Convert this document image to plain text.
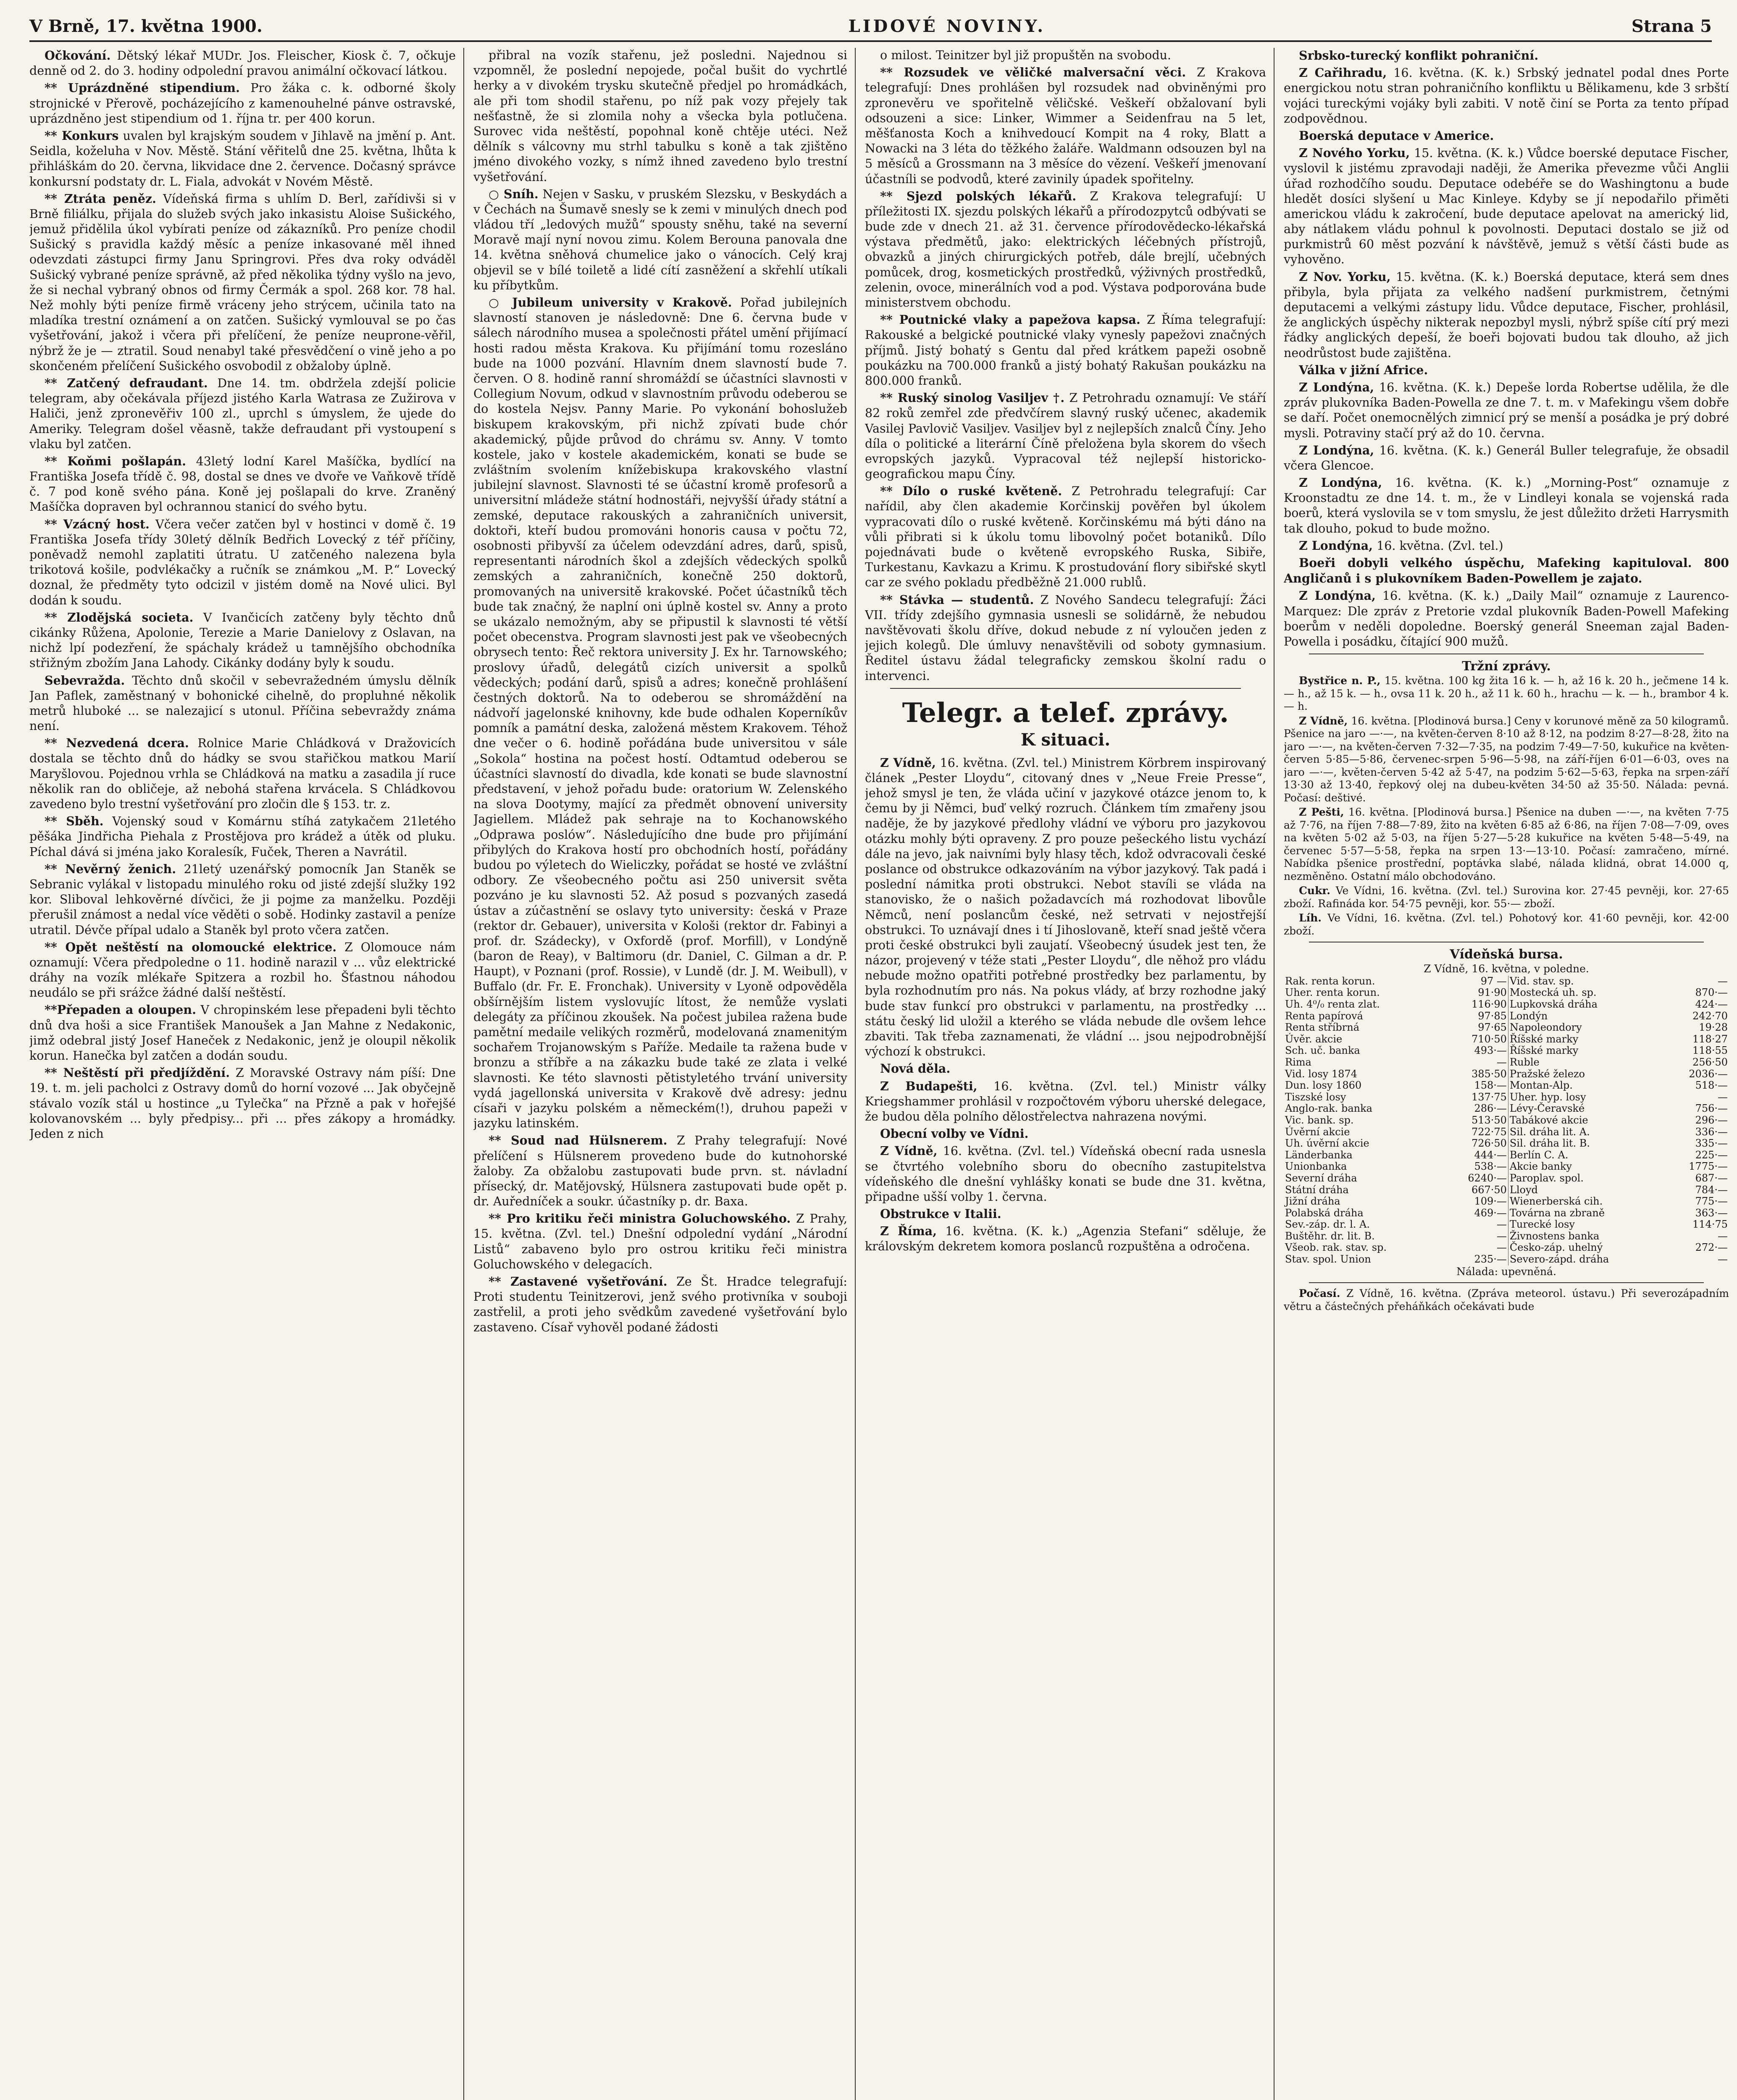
V Brně, 17. května 1900.	LIDOVÉ NOVINY.	Strana 5

Očkování. Dětský lékař MUDr. Jos. Fleischer, Kiosk č. 7, očkuje denně od 2. do 3. hodiny odpolední pravou animální očkovací látkou.

** Uprázdněné stipendium. Pro žáka c. k. odborné školy strojnické v Přerově, pocházejícího z kamenouhelné pánve ostravské, uprázdněno jest stipendium od 1. října tr. per 400 korun.

** Konkurs uvalen byl krajským soudem v Jihlavě na jmění p. Ant. Seidla, koželuha v Nov. Městě. Stání věřitelů dne 25. května, lhůta k přihláškám do 20. června, likvidace dne 2. července. Dočasný správce konkursní podstaty dr. L. Fiala, advokát v Novém Městě.

** Ztráta peněz. Vídeňská firma s uhlím D. Berl, zařídivši si v Brně filiálku, přijala do služeb svých jako inkasistu Aloise Sušického, jemuž přidělila úkol vybírati peníze od zákazníků. Pro peníze chodil Sušický s pravidla každý měsíc a peníze inkasované měl ihned odevzdati zástupci firmy Janu Springrovi. Přes dva roky odváděl Sušický vybrané peníze správně, až před několika týdny vyšlo na jevo, že si nechal vybraný obnos od firmy Čermák a spol. 268 kor. 78 hal. Než mohly býti peníze firmě vráceny jeho strýcem, učinila tato na mladíka trestní oznámení a on zatčen. Sušický vymlouval se po čas vyšetřování, jakož i včera při přelíčení, že peníze neuprone-věřil, nýbrž že je — ztratil. Soud nenabyl také přesvědčení o vině jeho a po skončeném přelíčení Sušického osvobodil z obžaloby úplně.

** Zatčený defraudant. Dne 14. tm. obdržela zdejší policie telegram, aby očekávala příjezd jistého Karla Watrasa ze Zužirova v Haliči, jenž zpronevěřiv 100 zl., uprchl s úmyslem, že ujede do Ameriky. Telegram došel věasně, takže defraudant při vystoupení s vlaku byl zatčen.

** Koňmi pošlapán. 43letý lodní Karel Mašíčka, bydlící na Františka Josefa třídě č. 98, dostal se dnes ve dvoře ve Vaňkově třídě č. 7 pod koně svého pána. Koně jej pošlapali do krve. Zraněný Mašíčka dopraven byl ochrannou stanicí do svého bytu.

** Vzácný host. Včera večer zatčen byl v hostinci v domě č. 19 Františka Josefa třídy 30letý dělník Bedřich Lovecký z téř příčiny, poněvadž nemohl zaplatiti útratu. U zatčeného nalezena byla trikotová košile, podvlékačky a ručník se známkou „M. P.“ Lovecký doznal, že předměty tyto odcizil v jistém domě na Nové ulici. Byl dodán k soudu.

** Zlodějská societa. V Ivančicích zatčeny byly těchto dnů cikánky Růžena, Apolonie, Terezie a Marie Danielovy z Oslavan, na nichž lpí podezření, že spáchaly krádež u tamnějšího obchodníka střižným zbožím Jana Lahody. Cikánky dodány byly k soudu.

Sebevražda. Těchto dnů skočil v sebevražedném úmyslu dělník Jan Paflek, zaměstnaný v bohonické cihelně, do propluhné několik metrů hluboké ... se nalezajicí s utonul. Příčina sebevraždy známa není.

** Nezvedená dcera. Rolnice Marie Chládková v Dražovicích dostala se těchto dnů do hádky se svou stařičkou matkou Marií Maryšlovou. Pojednou vrhla se Chládková na matku a zasadila jí ruce několik ran do obličeje, až nebohá stařena krvácela. S Chládkovou zavedeno bylo trestní vyšetřování pro zločin dle § 153. tr. z.

** Sběh. Vojenský soud v Komárnu stíhá zatykačem 21letého pěšáka Jindřicha Piehala z Prostějova pro krádež a útěk od pluku. Píchal dává si jména jako Koralesík, Fuček, Theren a Navrátil.

** Nevěrný ženich. 21letý uzenářský pomocník Jan Staněk se Sebranic vylákal v listopadu minulého roku od jisté zdejší služky 192 kor. Sliboval lehkověrné dívčici, že ji pojme za manželku. Později přerušil známost a nedal více věděti o sobě. Hodinky zastavil a peníze utratil. Dévče přípal udalo a Staněk byl proto včera zatčen.

** Opět neštěstí na olomoucké elektrice. Z Olomouce nám oznamují: Včera předpoledne o 11. hodině narazil v ... vůz elektrické dráhy na vozík mlékaře Spitzera a rozbil ho. Šťastnou náhodou neudálo se při srážce žádné další neštěstí.

**Přepaden a oloupen. V chropinském lese přepadeni byli těchto dnů dva hoši a sice František Manoušek a Jan Mahne z Nedakonic, jimž odebral jistý Josef Haneček z Nedakonic, jenž je oloupil několik korun. Hanečka byl zatčen a dodán soudu.

** Neštěstí při předjíždění. Z Moravské Ostravy nám píší: Dne 19. t. m. jeli pacholci z Ostravy domů do horní vozové ... Jak obyčejně stávalo vozík stál u hostince „u Tylečka“ na Přzně a pak v hořejšé kolovanovském ... byly předpisy... při ... přes zákopy a hromádky. Jeden z nich

přibral na vozík stařenu, jež posledni. Najednou si vzpomněl, že poslední nepojede, počal bušit do vychrtlé herky a v divokém trysku skutečně předjel po hromádkách, ale při tom shodil stařenu, po níž pak vozy přejely tak nešťastně, že si zlomila nohy a všecka byla potlučena. Surovec vida neštěstí, popohnal koně chtěje utéci. Než dělník s válcovny mu strhl tabulku s koně a tak zjištěno jméno divokého vozky, s nímž ihned zavedeno bylo trestní vyšetřování.

○ Sníh. Nejen v Sasku, v pruském Slezsku, v Beskydách a v Čechách na Šumavě snesly se k zemi v minulých dnech pod vládou tří „ledových mužů“ spousty sněhu, také na severní Moravě mají nyní novou zimu. Kolem Berouna panovala dne 14. května sněhová chumelice jako o vánocích. Celý kraj objevil se v bílé toiletě a lidé cítí zasněžení a skřehlí utíkali ku příbytkům.

○ Jubileum university v Krakově. Pořad jubilejních slavností stanoven je následovně: Dne 6. června bude v sálech národního musea a společnosti přátel umění přijímací hosti radou města Krakova. Ku přijímání tomu rozesláno bude na 1000 pozvání. Hlavním dnem slavností bude 7. červen. O 8. hodině ranní shromáždí se účastníci slavnosti v Collegium Novum, odkud v slavnostním průvodu odeberou se do kostela Nejsv. Panny Marie. Po vykonání bohoslužeb biskupem krakovským, při nichž zpívati bude chór akademický, půjde průvod do chrámu sv. Anny. V tomto kostele, jako v kostele akademickém, konati se bude se zvláštním svolením knížebiskupa krakovského vlastní jubilejní slavnost. Slavnosti té se účastní kromě profesorů a universitní mládeže státní hodnostáři, nejvyšší úřady státní a zemské, deputace rakouských a zahraničních universit, doktoři, kteří budou promováni honoris causa v počtu 72, osobnosti přibyvší za účelem odevzdání adres, darů, spisů, representanti národních škol a zdejších vědeckých spolků zemských a zahraničních, konečně 250 doktorů, promovaných na universitě krakovské. Počet účastníků těch bude tak značný, že naplní oni úplně kostel sv. Anny a proto se ukázalo nemožným, aby se připustil k slavnosti té větší počet obecenstva. Program slavnosti jest pak ve všeobecných obrysech tento: Řeč rektora university J. Ex hr. Tarnowského; proslovy úřadů, delegátů cizích universit a spolků vědeckých; podání darů, spisů a adres; konečně prohlášení čestných doktorů. Na to odeberou se shromáždění na nádvoří jagelonské knihovny, kde bude odhalen Koperníkův pomník a památní deska, založená městem Krakovem. Téhož dne večer o 6. hodině pořádána bude universitou v sále „Sokola“ hostina na počest hostí. Odtamtud odeberou se účastníci slavností do divadla, kde konati se bude slavnostní představení, v jehož pořadu bude: oratorium W. Zelenského na slova Dootymy, mající za předmět obnovení university Jagiellem. Mládež pak sehraje na to Kochanowského „Odprawa poslów“. Následujícího dne bude pro přijímání přibylých do Krakova hostí pro obchodních hostí, pořádány budou po výletech do Wieliczky, pořádat se hosté ve zvláštní odbory. Ze všeobecného počtu asi 250 universit světa pozváno je ku slavnosti 52. Až posud s pozvaných zasedá ústav a zúčastnění se oslavy tyto university: česká v Praze (rektor dr. Gebauer), universita v Kološi (rektor dr. Fabinyi a prof. dr. Szádecky), v Oxfordě (prof. Morfill), v Londýně (baron de Reay), v Baltimoru (dr. Daniel, C. Gilman a dr. P. Haupt), v Poznani (prof. Rossie), v Lundě (dr. J. M. Weibull), v Buffalo (dr. Fr. E. Fronchak). University v Lyoně odpověděla obšírnějším listem vyslovujíc lítost, že nemůže vyslati delegáty za příčinou zkoušek. Na počest jubilea ražena bude pamětní medaile velikých rozměrů, modelovaná znamenitým sochařem Trojanowským s Paříže. Medaile ta ražena bude v bronzu a stříbře a na zákazku bude také ze zlata i velké slavnosti. Ke této slavnosti pětistyletého trvání university vydá jagellonská universita v Krakově dvě adresy: jednu císaři v jazyku polském a německém(!), druhou papeži v jazyku latinském.

** Soud nad Hülsnerem. Z Prahy telegrafují: Nové přelíčení s Hülsnerem provedeno bude do kutnohorské žaloby. Za obžalobu zastupovati bude prvn. st. návladní přísecký, dr. Matějovský, Hülsnera zastupovati bude opět p. dr. Auředníček a soukr. účastníky p. dr. Baxa.

** Pro kritiku řeči ministra Goluchowského. Z Prahy, 15. května. (Zvl. tel.) Dnešní odpolední vydání „Národní Listů“ zabaveno bylo pro ostrou kritiku řeči ministra Goluchowského v delegacích.

** Zastavené vyšetřování. Ze Št. Hradce telegrafují: Proti studentu Teinitzerovi, jenž svého protivníka v souboji zastřelil, a proti jeho svědkům zavedené vyšetřování bylo zastaveno. Císař vyhověl podané žádosti

o milost. Teinitzer byl již propuštěn na svobodu.

** Rozsudek ve věličké malversační věci. Z Krakova telegrafují: Dnes prohlášen byl rozsudek nad obviněnými pro zpronevěru ve spořitelně věličské. Veškeří obžalovaní byli odsouzeni a sice: Linker, Wimmer a Seidenfrau na 5 let, měšťanosta Koch a knihvedoucí Kompit na 4 roky, Blatt a Nowacki na 3 léta do těžkého žaláře. Waldmann odsouzen byl na 5 měsíců a Grossmann na 3 měsíce do vězení. Veškeří jmenovaní účastníli se podvodů, které zavinily úpadek spořitelny.

** Sjezd polských lékařů. Z Krakova telegrafují: U příležitosti IX. sjezdu polských lékařů a přírodozpytců odbývati se bude zde v dnech 21. až 31. července přírodovědecko-lékařská výstava předmětů, jako: elektrických léčebných přístrojů, obvazků a jiných chirurgických potřeb, dále brejlí, učebných pomůcek, drog, kosmetických prostředků, výživných prostředků, zelenin, ovoce, minerálních vod a pod. Výstava podporována bude ministerstvem obchodu.

** Poutnické vlaky a papežova kapsa. Z Říma telegrafují: Rakouské a belgické poutnické vlaky vynesly papežovi značných příjmů. Jistý bohatý s Gentu dal před krátkem papeži osobně poukázku na 700.000 franků a jistý bohatý Rakušan poukázku na 800.000 franků.

** Ruský sinolog Vasiljev †. Z Petrohradu oznamují: Ve stáří 82 roků zemřel zde předvčírem slavný ruský učenec, akademik Vasilej Pavlovič Vasiljev. Vasiljev byl z nejlepších znalců Číny. Jeho díla o politické a literární Číně přeložena byla skorem do všech evropských jazyků. Vypracoval též nejlepší historicko-geografickou mapu Číny.

** Dílo o ruské květeně. Z Petrohradu telegrafují: Car nařídil, aby člen akademie Korčinskij pověřen byl úkolem vypracovati dílo o ruské květeně. Korčinskému má býti dáno na vůli přibrati si k úkolu tomu libovolný počet botaniků. Dílo pojednávati bude o květeně evropského Ruska, Sibiře, Turkestanu, Kavkazu a Krimu. K prostudování flory sibiřské skytl car ze svého pokladu předběžně 21.000 rublů.

** Stávka — studentů. Z Nového Sandecu telegrafují: Žáci VII. třídy zdejšího gymnasia usnesli se solidárně, že nebudou navštěvovati školu dříve, dokud nebude z ní vyloučen jeden z jejich kolegů. Dle úmluvy nenavštěvili od soboty gymnasium. Ředitel ústavu žádal telegraficky zemskou školní radu o intervenci.

Telegr. a telef. zprávy.
K situaci.

Z Vídně, 16. května. (Zvl. tel.) Ministrem Körbrem inspirovaný článek „Pester Lloydu“, citovaný dnes v „Neue Freie Presse“, jehož smysl je ten, že vláda učiní v jazykové otázce jenom to, k čemu by ji Němci, buď velký rozruch. Článkem tím zmařeny jsou naděje, že by jazykové předlohy vládní ve výboru pro jazykovou otázku mohly býti opraveny. Z pro pouze pešeckého listu vychází dále na jevo, jak naivními byly hlasy těch, kdož odvracovali české poslance od obstrukce odkazováním na výbor jazykový. Tak padá i poslední námitka proti obstrukci. Nebot stavíli se vláda na stanovisko, že o našich požadavcích má rozhodovat libovůle Němců, není poslancům české, než setrvati v nejostřejší obstrukci. To uznávají dnes i tí Jihoslovaně, kteří snad ještě včera proti české obstrukci byli zaujatí. Všeobecný úsudek jest ten, že názor, projevený v téže stati „Pester Lloydu“, dle něhož pro vládu nebude možno opatřiti potřebné prostředky bez parlamentu, by byla rozhodnutím pro nás. Na pokus vlády, ať brzy rozhodne jaký bude stav funkcí pro obstrukci v parlamentu, na prostředky ... státu český lid uložil a kterého se vláda nebude dle ovšem lehce zbaviti. Tak třeba zaznamenati, že vládní ... jsou nejpodrobnější výchozí k obstrukci.

Nová děla.

Z Budapešti, 16. května. (Zvl. tel.) Ministr války Kriegshammer prohlásil v rozpočtovém výboru uherské delegace, že budou děla polního dělostřelectva nahrazena novými.

Obecní volby ve Vídni.

Z Vídně, 16. května. (Zvl. tel.) Vídeňská obecní rada usnesla se čtvrtého volebního sboru do obecního zastupitelstva vídeňského dle dnešní vyhlášky konati se bude dne 31. května, připadne ušší volby 1. června.

Obstrukce v Italii.

Z Říma, 16. května. (K. k.) „Agenzia Stefani“ sděluje, že královským dekretem komora poslanců rozpuštěna a odročena.

Srbsko-turecký konflikt pohraniční.

Z Cařihradu, 16. května. (K. k.) Srbský jednatel podal dnes Porte energickou notu stran pohraničního konfliktu u Bělikamenu, kde 3 srbští vojáci tureckými vojáky byli zabiti. V notě činí se Porta za tento případ zodpovědnou.

Boerská deputace v Americe.

Z Nového Yorku, 15. května. (K. k.) Vůdce boerské deputace Fischer, vyslovil k jistému zpravodaji naději, že Amerika převezme vůči Anglii úřad rozhodčího soudu. Deputace odebéře se do Washingtonu a bude hledět dosíci slyšení u Mac Kinleye. Kdyby se jí nepodařilo přiměti americkou vládu k zakročení, bude deputace apelovat na americký lid, aby nátlakem vládu pohnul k povolnosti. Deputaci dostalo se již od purkmistrů 60 měst pozvání k návštěvě, jemuž s větší části bude as vyhověno.

Z Nov. Yorku, 15. května. (K. k.) Boerská deputace, která sem dnes přibyla, byla přijata za velkého nadšení purkmistrem, četnými deputacemi a velkými zástupy lidu. Vůdce deputace, Fischer, prohlásil, že anglických úspěchy nikterak nepozbyl mysli, nýbrž spíše cítí prý mezi řádky anglických depeší, že boeři bojovati budou tak dlouho, až jich neodrůstost bude zajištěna.

Válka v jižní Africe.

Z Londýna, 16. května. (K. k.) Depeše lorda Robertse udělila, že dle zpráv plukovníka Baden-Powella ze dne 7. t. m. v Mafekingu všem dobře se daří. Počet onemocnělých zimnicí prý se menší a posádka je prý dobré mysli. Potraviny stačí prý až do 10. června.

Z Londýna, 16. května. (K. k.) Generál Buller telegrafuje, že obsadil včera Glencoe.

Z Londýna, 16. května. (K. k.) „Morning-Post“ oznamuje z Kroonstadtu ze dne 14. t. m., že v Lindleyi konala se vojenská rada boerů, která vyslovila se v tom smyslu, že jest důležito držeti Harrysmith tak dlouho, pokud to bude možno.

Z Londýna, 16. května. (Zvl. tel.)

Boeři dobyli velkého úspěchu, Mafeking kapituloval. 800 Angličanů i s plukovníkem Baden-Powellem je zajato.

Z Londýna, 16. května. (K. k.) „Daily Mail“ oznamuje z Laurenco-Marquez: Dle zpráv z Pretorie vzdal plukovník Baden-Powell Mafeking boerům v neděli dopoledne. Boerský generál Sneeman zajal Baden-Powella i posádku, čítající 900 mužů.

Tržní zprávy.

Bystřice n. P., 15. května. 100 kg žita 16 k. — h, až 16 k. 20 h., ječmene 14 k. — h., až 15 k. — h., ovsa 11 k. 20 h., až 11 k. 60 h., hrachu — k. — h., brambor 4 k. — h.

Z Vídně, 16. května. [Plodinová bursa.] Ceny v korunové měně za 50 kilogramů. Pšenice na jaro —·—, na květen-červen 8·10 až 8·12, na podzim 8·27—8·28, žito na jaro —·—, na květen-červen 7·32—7·35, na podzim 7·49—7·50, kukuřice na květen-červen 5·85—5·86, červenec-srpen 5·96—5·98, na září-říjen 6·01—6·03, oves na jaro —·—, květen-červen 5·42 až 5·47, na podzim 5·62—5·63, řepka na srpen-září 13·30 až 13·40, řepkový olej na dubeu-květen 34·50 až 35·50. Nálada: pevná. Počasí: deštivé.

Z Pešti, 16. května. [Plodinová bursa.] Pšenice na duben —·—, na květen 7·75 až 7·76, na říjen 7·88—7·89, žito na květen 6·85 až 6·86, na říjen 7·08—7·09, oves na květen 5·02 až 5·03, na říjen 5·27—5·28 kukuřice na květen 5·48—5·49, na červenec 5·57—5·58, řepka na srpen 13·—13·10. Počasí: zamračeno, mírné. Nabídka pšenice prostřední, poptávka slabé, nálada klidná, obrat 14.000 q, nezměněno. Ostatní málo obchodováno.

Cukr. Ve Vídni, 16. května. (Zvl. tel.) Surovina kor. 27·45 pevněji, kor. 27·65 zboží. Rafináda kor. 54·75 pevněji, kor. 55·— zboží.

Líh. Ve Vídni, 16. května. (Zvl. tel.) Pohotový kor. 41·60 pevněji, kor. 42·00 zboží.

Vídeňská bursa.
Z Vídně, 16. května, v poledne.
Rak. renta korun.	97 —	Vid. stav. sp.	—
Uher. renta korun.	91·90	Mostecká uh. sp.	870·—
Uh. 4⁰/₀ renta zlat.	116·90	Lupkovská dráha	424·—
Renta papírová	97·85	Londýn	242·70
Renta stříbrná	97·65	Napoleondory	19·28
Úvěr. akcie	710·50	Říšské marky	118·27
Sch. uč. banka	493·—	Říšské marky	118·55
Rima	—	Ruble	256·50
Vid. losy 1874	385·50	Pražské železo	2036·—
Dun. losy 1860	158·—	Montan-Alp.	518·—
Tiszské losy	137·75	Uher. hyp. losy	—
Anglo-rak. banka	286·—	Lévy-Čeravské	756·—
Vic. bank. sp.	513·50	Tabákové akcie	296·—
Úvěrní akcie	722·75	Sil. dráha lit. A.	336·—
Uh. úvěrní akcie	726·50	Sil. dráha lit. B.	335·—
Länderbanka	444·—	Berlín C. A.	225·—
Unionbanka	538·—	Akcie banky	1775·—
Severní dráha	6240·—	Paroplav. spol.	687·—
Státní dráha	667·50	Lloyd	784·—
Jižní dráha	109·—	Wienerberská cih.	775·—
Polabská dráha	469·—	Továrna na zbraně	363·—
Sev.-záp. dr. l. A.	—	Turecké losy	114·75
Buštěhr. dr. lit. B.	—	Živnostens banka	—
Všeob. rak. stav. sp.	—	Česko-záp. uhelný	272·—
Stav. spol. Union	235·—	Severo-zápd. dráha	—
Nálada: upevněná.

Počasí. Z Vídně, 16. května. (Zpráva meteorol. ústavu.) Při severozápadním větru a částečných přeháňkách očekávati bude
